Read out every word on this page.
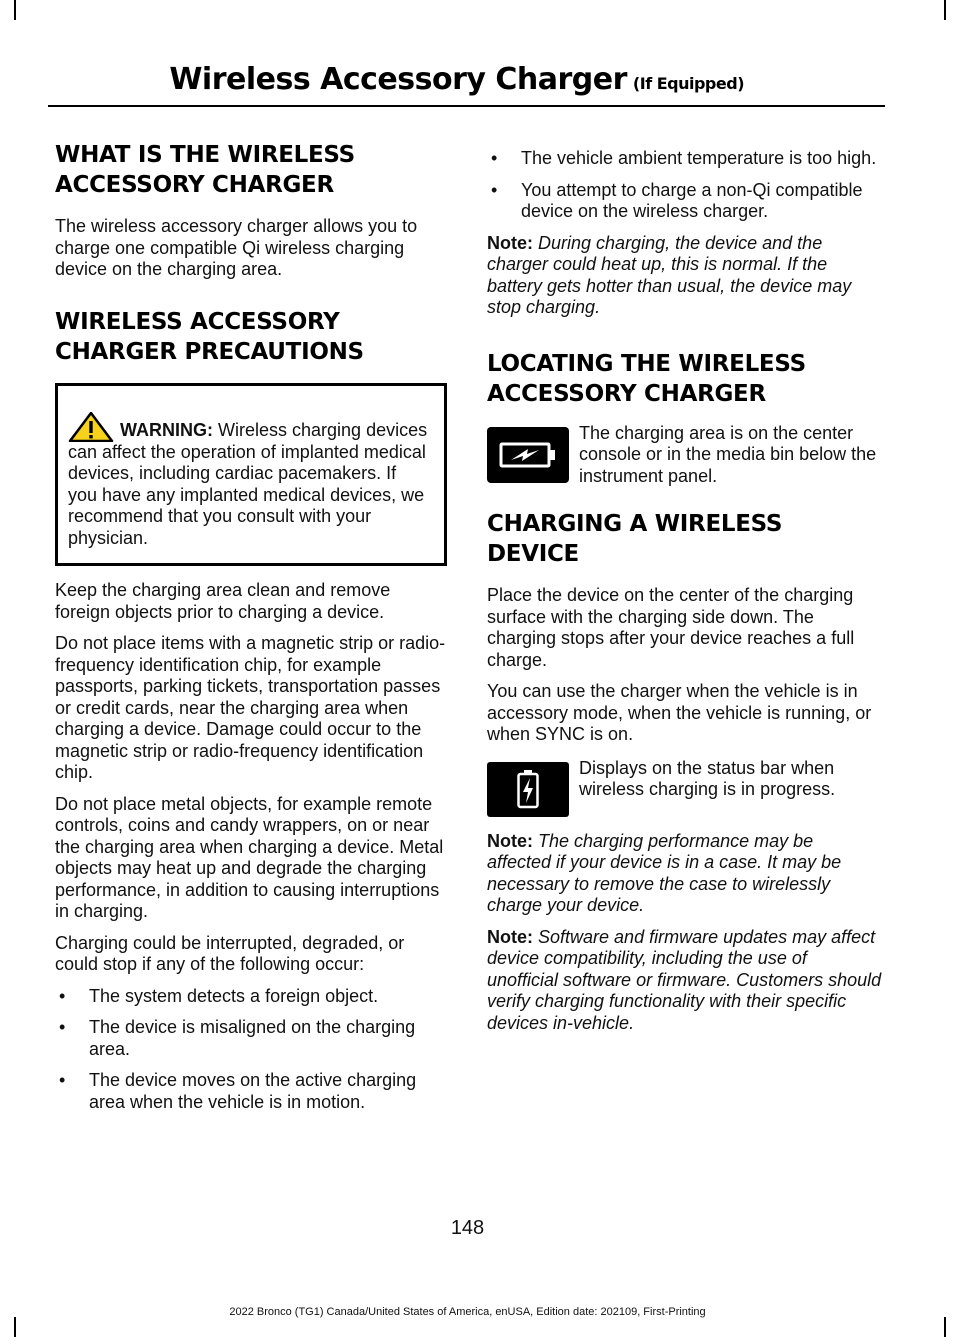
Wireless Accessory Charger (If Equipped)
WHAT IS THE WIRELESS
ACCESSORY CHARGER

The wireless accessory charger allows you to charge one compatible Qi wireless charging device on the charging area.

WIRELESS ACCESSORY
CHARGER PRECAUTIONS

WARNING: Wireless charging devices can affect the operation of implanted medical devices, including cardiac pacemakers. If you have any implanted medical devices, we recommend that you consult with your physician.

Keep the charging area clean and remove foreign objects prior to charging a device.

Do not place items with a magnetic strip or radio-frequency identification chip, for example passports, parking tickets, transportation passes or credit cards, near the charging area when charging a device. Damage could occur to the magnetic strip or radio-frequency identification chip.

Do not place metal objects, for example remote controls, coins and candy wrappers, on or near the charging area when charging a device. Metal objects may heat up and degrade the charging performance, in addition to causing interruptions in charging.

Charging could be interrupted, degraded, or could stop if any of the following occur:

• The system detects a foreign object.
• The device is misaligned on the charging area.
• The device moves on the active charging area when the vehicle is in motion.
• The vehicle ambient temperature is too high.
• You attempt to charge a non-Qi compatible device on the wireless charger.

Note: During charging, the device and the charger could heat up, this is normal. If the battery gets hotter than usual, the device may stop charging.

LOCATING THE WIRELESS
ACCESSORY CHARGER

The charging area is on the center console or in the media bin below the instrument panel.

CHARGING A WIRELESS
DEVICE

Place the device on the center of the charging surface with the charging side down. The charging stops after your device reaches a full charge.

You can use the charger when the vehicle is in accessory mode, when the vehicle is running, or when SYNC is on.

Displays on the status bar when wireless charging is in progress.

Note: The charging performance may be affected if your device is in a case. It may be necessary to remove the case to wirelessly charge your device.

Note: Software and firmware updates may affect device compatibility, including the use of unofficial software or firmware. Customers should verify charging functionality with their specific devices in-vehicle.

148
2022 Bronco (TG1) Canada/United States of America, enUSA, Edition date: 202109, First-Printing
